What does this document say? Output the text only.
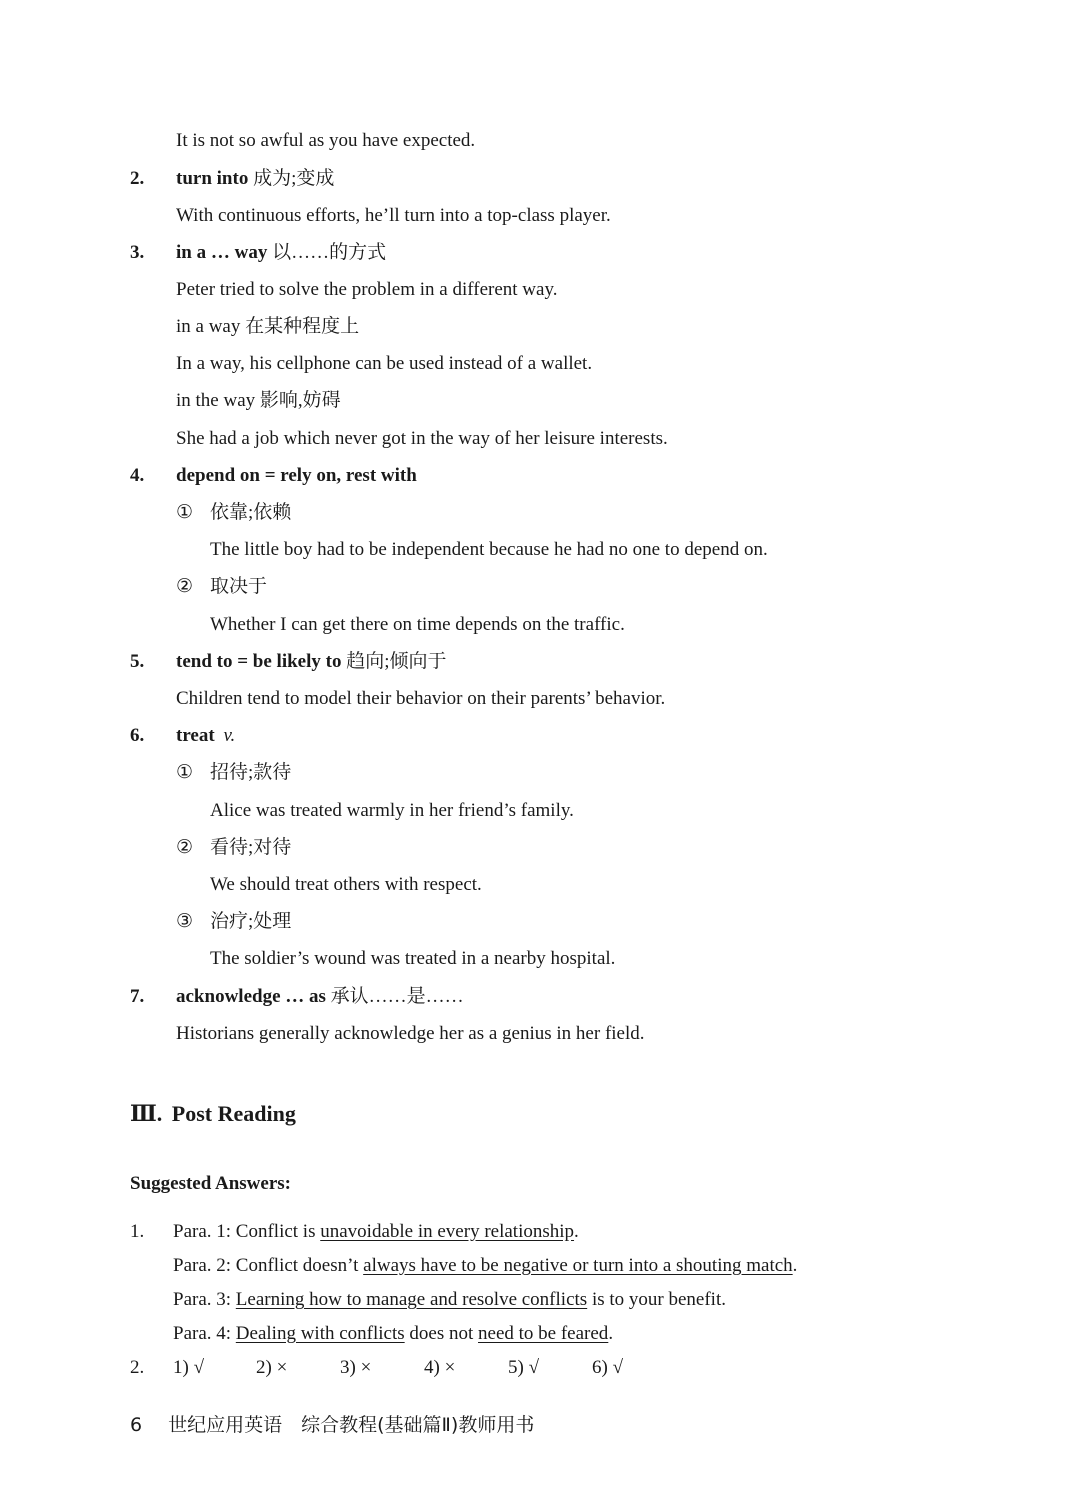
It is not so awful as you have expected.
2. turn into 成为;变成
With continuous efforts, he’ll turn into a top-class player.
3. in a … way 以……的方式
Peter tried to solve the problem in a different way.
in a way 在某种程度上
In a way, his cellphone can be used instead of a wallet.
in the way 影响,妨碍
She had a job which never got in the way of her leisure interests.
4. depend on = rely on, rest with
① 依靠;依赖
The little boy had to be independent because he had no one to depend on.
② 取决于
Whether I can get there on time depends on the traffic.
5. tend to = be likely to 趋向;倾向于
Children tend to model their behavior on their parents’ behavior.
6. treat v.
① 招待;款待
Alice was treated warmly in her friend’s family.
② 看待;对待
We should treat others with respect.
③ 治疗;处理
The soldier’s wound was treated in a nearby hospital.
7. acknowledge … as 承认……是……
Historians generally acknowledge her as a genius in her field.
Ⅲ. Post Reading
Suggested Answers:
1. Para. 1: Conflict is unavoidable in every relationship.
Para. 2: Conflict doesn’t always have to be negative or turn into a shouting match.
Para. 3: Learning how to manage and resolve conflicts is to your benefit.
Para. 4: Dealing with conflicts does not need to be feared.
2. 1) √	2) ×	3) ×	4) ×	5) √	6) √
6 世纪应用英语　综合教程(基础篇Ⅱ)教师用书
